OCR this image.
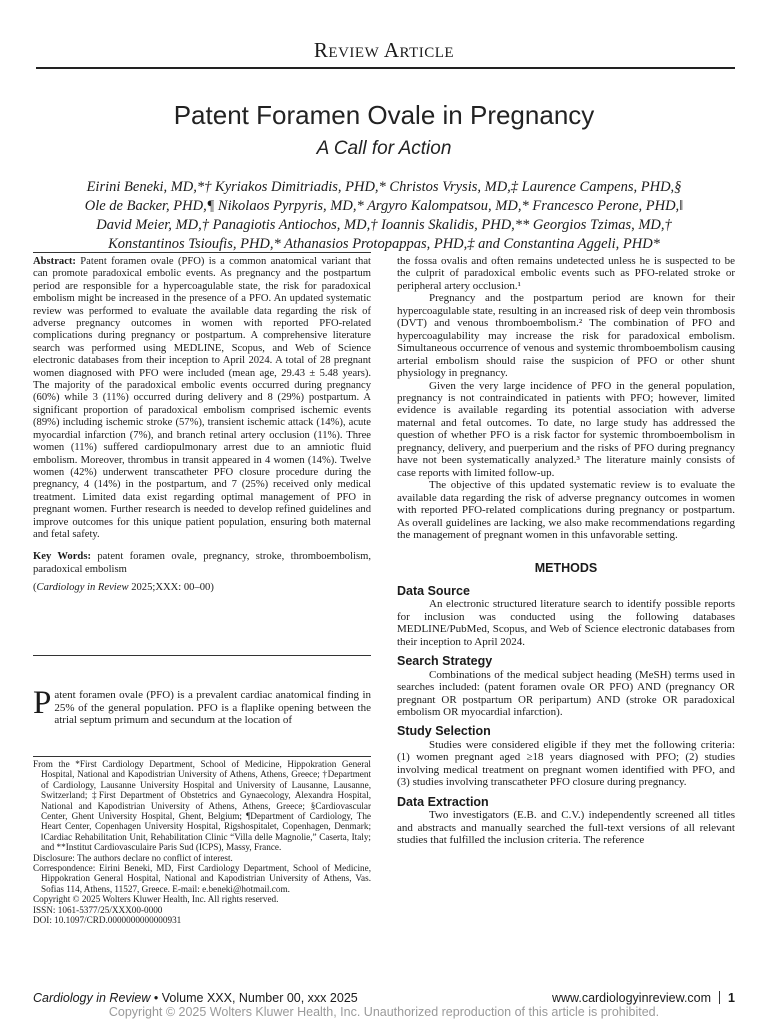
Review Article
Patent Foramen Ovale in Pregnancy
A Call for Action
Eirini Beneki, MD,*† Kyriakos Dimitriadis, PHD,* Christos Vrysis, MD,‡ Laurence Campens, PHD,§
Ole de Backer, PHD,¶ Nikolaos Pyrpyris, MD,* Argyro Kalompatsou, MD,* Francesco Perone, PHD,‖
David Meier, MD,† Panagiotis Antiochos, MD,† Ioannis Skalidis, PHD,** Georgios Tzimas, MD,†
Konstantinos Tsioufis, PHD,* Athanasios Protopappas, PHD,‡ and Constantina Aggeli, PHD*

Abstract: Patent foramen ovale (PFO) is a common anatomical variant that can promote paradoxical embolic events. As pregnancy and the postpartum period are responsible for a hypercoagulable state, the risk for paradoxical embolism might be increased in the presence of a PFO. An updated systematic review was performed to evaluate the available data regarding the risk of adverse pregnancy outcomes in women with reported PFO-related complications during pregnancy or postpartum. A comprehensive literature search was performed using MEDLINE, Scopus, and Web of Science electronic databases from their inception to April 2024. A total of 28 pregnant women diagnosed with PFO were included (mean age, 29.43 ± 5.48 years). The majority of the paradoxical embolic events occurred during pregnancy (60%) while 3 (11%) occurred during delivery and 8 (29%) postpartum. A significant proportion of paradoxical embolism comprised ischemic events (89%) including ischemic stroke (57%), transient ischemic attack (14%), acute myocardial infarction (7%), and branch retinal artery occlusion (11%). Three women (11%) suffered cardiopulmonary arrest due to an amniotic fluid embolism. Moreover, thrombus in transit appeared in 4 women (14%). Twelve women (42%) underwent transcatheter PFO closure procedure during the pregnancy, 4 (14%) in the postpartum, and 7 (25%) received only medical treatment. Limited data exist regarding optimal management of PFO in pregnant women. Further research is needed to develop refined guidelines and improve outcomes for this unique patient population, ensuring both maternal and fetal safety.

Key Words: patent foramen ovale, pregnancy, stroke, thromboembolism, paradoxical embolism

(Cardiology in Review 2025;XXX: 00–00)

Patent foramen ovale (PFO) is a prevalent cardiac anatomical finding in 25% of the general population. PFO is a flaplike opening between the atrial septum primum and secundum at the location of

From the *First Cardiology Department, School of Medicine, Hippokration General Hospital, National and Kapodistrian University of Athens, Athens, Greece; †Department of Cardiology, Lausanne University Hospital and University of Lausanne, Lausanne, Switzerland; ‡First Department of Obstetrics and Gynaecology, Alexandra Hospital, National and Kapodistrian University of Athens, Athens, Greece; §Cardiovascular Center, Ghent University Hospital, Ghent, Belgium; ¶Department of Cardiology, The Heart Center, Copenhagen University Hospital, Rigshospitalet, Copenhagen, Denmark; ‖Cardiac Rehabilitation Unit, Rehabilitation Clinic “Villa delle Magnolie,” Caserta, Italy; and **Institut Cardiovasculaire Paris Sud (ICPS), Massy, France.

Disclosure: The authors declare no conflict of interest.

Correspondence: Eirini Beneki, MD, First Cardiology Department, School of Medicine, Hippokration General Hospital, National and Kapodistrian University of Athens, Vas. Sofias 114, Athens, 11527, Greece. E-mail: e.beneki@hotmail.com.

Copyright © 2025 Wolters Kluwer Health, Inc. All rights reserved.

ISSN: 1061-5377/25/XXX00-0000

DOI: 10.1097/CRD.0000000000000931

the fossa ovalis and often remains undetected unless he is suspected to be the culprit of paradoxical embolic events such as PFO-related stroke or peripheral artery occlusion.¹

Pregnancy and the postpartum period are known for their hypercoagulable state, resulting in an increased risk of deep vein thrombosis (DVT) and venous thromboembolism.² The combination of PFO and hypercoagulability may increase the risk for paradoxical embolism. Simultaneous occurrence of venous and systemic thromboembolism causing arterial embolism should raise the suspicion of PFO or other shunt physiology in pregnancy.

Given the very large incidence of PFO in the general population, pregnancy is not contraindicated in patients with PFO; however, limited evidence is available regarding its potential association with adverse maternal and fetal outcomes. To date, no large study has addressed the question of whether PFO is a risk factor for systemic thromboembolism in pregnancy, delivery, and puerperium and the risks of PFO during pregnancy have not been systematically analyzed.³ The literature mainly consists of case reports with limited follow-up.

The objective of this updated systematic review is to evaluate the available data regarding the risk of adverse pregnancy outcomes in women with reported PFO-related complications during pregnancy or postpartum. As overall guidelines are lacking, we also make recommendations regarding the management of pregnant women in this unfavorable setting.

METHODS
Data Source

An electronic structured literature search to identify possible reports for inclusion was conducted using the following databases MEDLINE/PubMed, Scopus, and Web of Science electronic databases from their inception to April 2024.

Search Strategy

Combinations of the medical subject heading (MeSH) terms used in searches included: (patent foramen ovale OR PFO) AND (pregnancy OR pregnant OR postpartum OR peripartum) AND (stroke OR paradoxical embolism OR myocardial infarction).

Study Selection

Studies were considered eligible if they met the following criteria: (1) women pregnant aged ≥18 years diagnosed with PFO; (2) studies involving medical treatment on pregnant women identified with PFO, and (3) studies involving transcatheter PFO closure during pregnancy.

Data Extraction

Two investigators (E.B. and C.V.) independently screened all titles and abstracts and manually searched the full-text versions of all relevant studies that fulfilled the inclusion criteria. The reference

Cardiology in Review • Volume XXX, Number 00, xxx 2025	www.cardiologyinreview.com 1
Copyright © 2025 Wolters Kluwer Health, Inc. Unauthorized reproduction of this article is prohibited.
